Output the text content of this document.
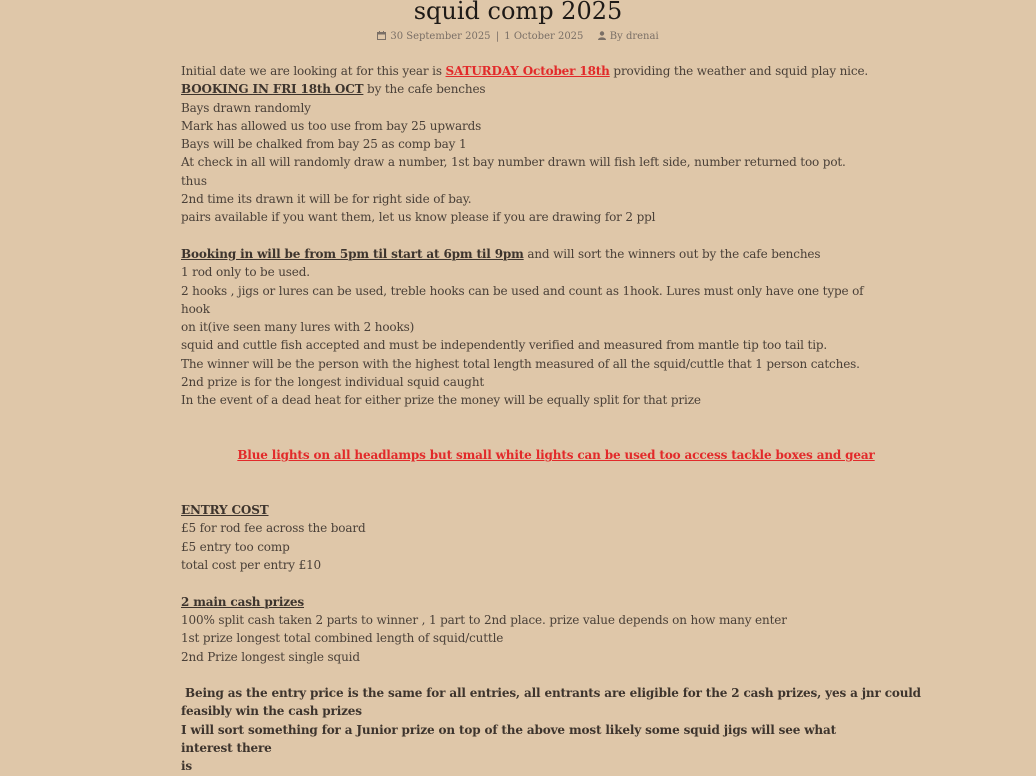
squid comp 2025
30 September 2025 | 1 October 2025	By drenai

Initial date we are looking at for this year is SATURDAY October 18th providing the weather and squid play nice.

BOOKING IN FRI 18th OCT by the cafe benches

Bays drawn randomly

Mark has allowed us too use from bay 25 upwards

Bays will be chalked from bay 25 as comp bay 1

At check in all will randomly draw a number, 1st bay number drawn will fish left side, number returned too pot. thus

2nd time its drawn it will be for right side of bay.

pairs available if you want them, let us know please if you are drawing for 2 ppl

Booking in will be from 5pm til start at 6pm til 9pm and will sort the winners out by the cafe benches

1 rod only to be used.

2 hooks , jigs or lures can be used, treble hooks can be used and count as 1hook. Lures must only have one type of hook

on it(ive seen many lures with 2 hooks)

squid and cuttle fish accepted and must be independently verified and measured from mantle tip too tail tip.

The winner will be the person with the highest total length measured of all the squid/cuttle that 1 person catches.

2nd prize is for the longest individual squid caught

In the event of a dead heat for either prize the money will be equally split for that prize

Blue lights on all headlamps but small white lights can be used too access tackle boxes and gear

ENTRY COST

£5 for rod fee across the board

£5 entry too comp

total cost per entry £10

2 main cash prizes

100% split cash taken 2 parts to winner , 1 part to 2nd place. prize value depends on how many enter

1st prize longest total combined length of squid/cuttle

2nd Prize longest single squid

Being as the entry price is the same for all entries, all entrants are eligible for the 2 cash prizes, yes a jnr could

feasibly win the cash prizes

I will sort something for a Junior prize on top of the above most likely some squid jigs will see what interest there

is
